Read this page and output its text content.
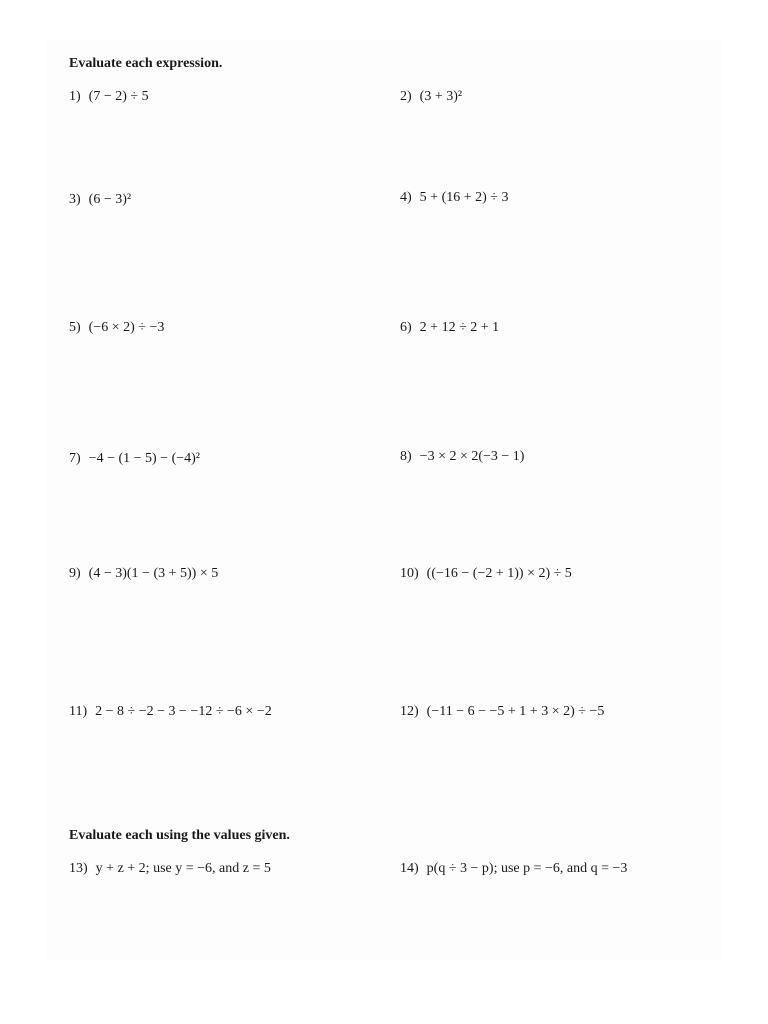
Evaluate each expression.
1) (7 − 2) ÷ 5	2) (3 + 3)²
3) (6 − 3)²	4) 5 + (16 + 2) ÷ 3
5) (−6 × 2) ÷ −3	6) 2 + 12 ÷ 2 + 1
7) −4 − (1 − 5) − (−4)²	8) −3 × 2 × 2(−3 − 1)
9) (4 − 3)(1 − (3 + 5)) × 5	10) ((−16 − (−2 + 1)) × 2) ÷ 5
11) 2 − 8 ÷ −2 − 3 − −12 ÷ −6 × −2	12) (−11 − 6 − −5 + 1 + 3 × 2) ÷ −5
Evaluate each using the values given.
13) y + z + 2; use y = −6, and z = 5	14) p(q ÷ 3 − p); use p = −6, and q = −3
